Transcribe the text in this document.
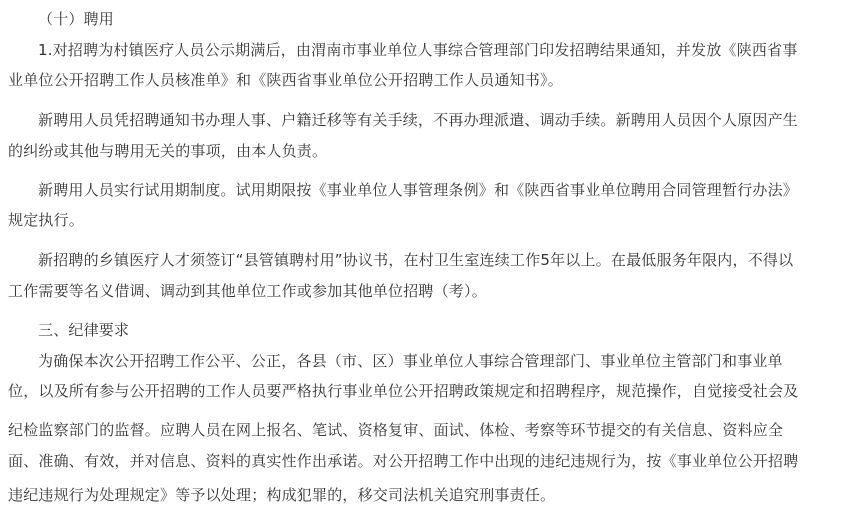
（十）聘用
1.对招聘为村镇医疗人员公示期满后，由渭南市事业单位人事综合管理部门印发招聘结果通知，并发放《陕西省事
业单位公开招聘工作人员核准单》和《陕西省事业单位公开招聘工作人员通知书》。
新聘用人员凭招聘通知书办理人事、户籍迁移等有关手续，不再办理派遣、调动手续。新聘用人员因个人原因产生
的纠纷或其他与聘用无关的事项，由本人负责。
新聘用人员实行试用期制度。试用期限按《事业单位人事管理条例》和《陕西省事业单位聘用合同管理暂行办法》
规定执行。
新招聘的乡镇医疗人才须签订“县管镇聘村用”协议书，在村卫生室连续工作5年以上。在最低服务年限内，不得以
工作需要等名义借调、调动到其他单位工作或参加其他单位招聘（考）。
三、纪律要求
为确保本次公开招聘工作公平、公正，各县（市、区）事业单位人事综合管理部门、事业单位主管部门和事业单
位，以及所有参与公开招聘的工作人员要严格执行事业单位公开招聘政策规定和招聘程序，规范操作，自觉接受社会及
纪检监察部门的监督。应聘人员在网上报名、笔试、资格复审、面试、体检、考察等环节提交的有关信息、资料应全
面、准确、有效，并对信息、资料的真实性作出承诺。对公开招聘工作中出现的违纪违规行为，按《事业单位公开招聘
违纪违规行为处理规定》等予以处理；构成犯罪的，移交司法机关追究刑事责任。
